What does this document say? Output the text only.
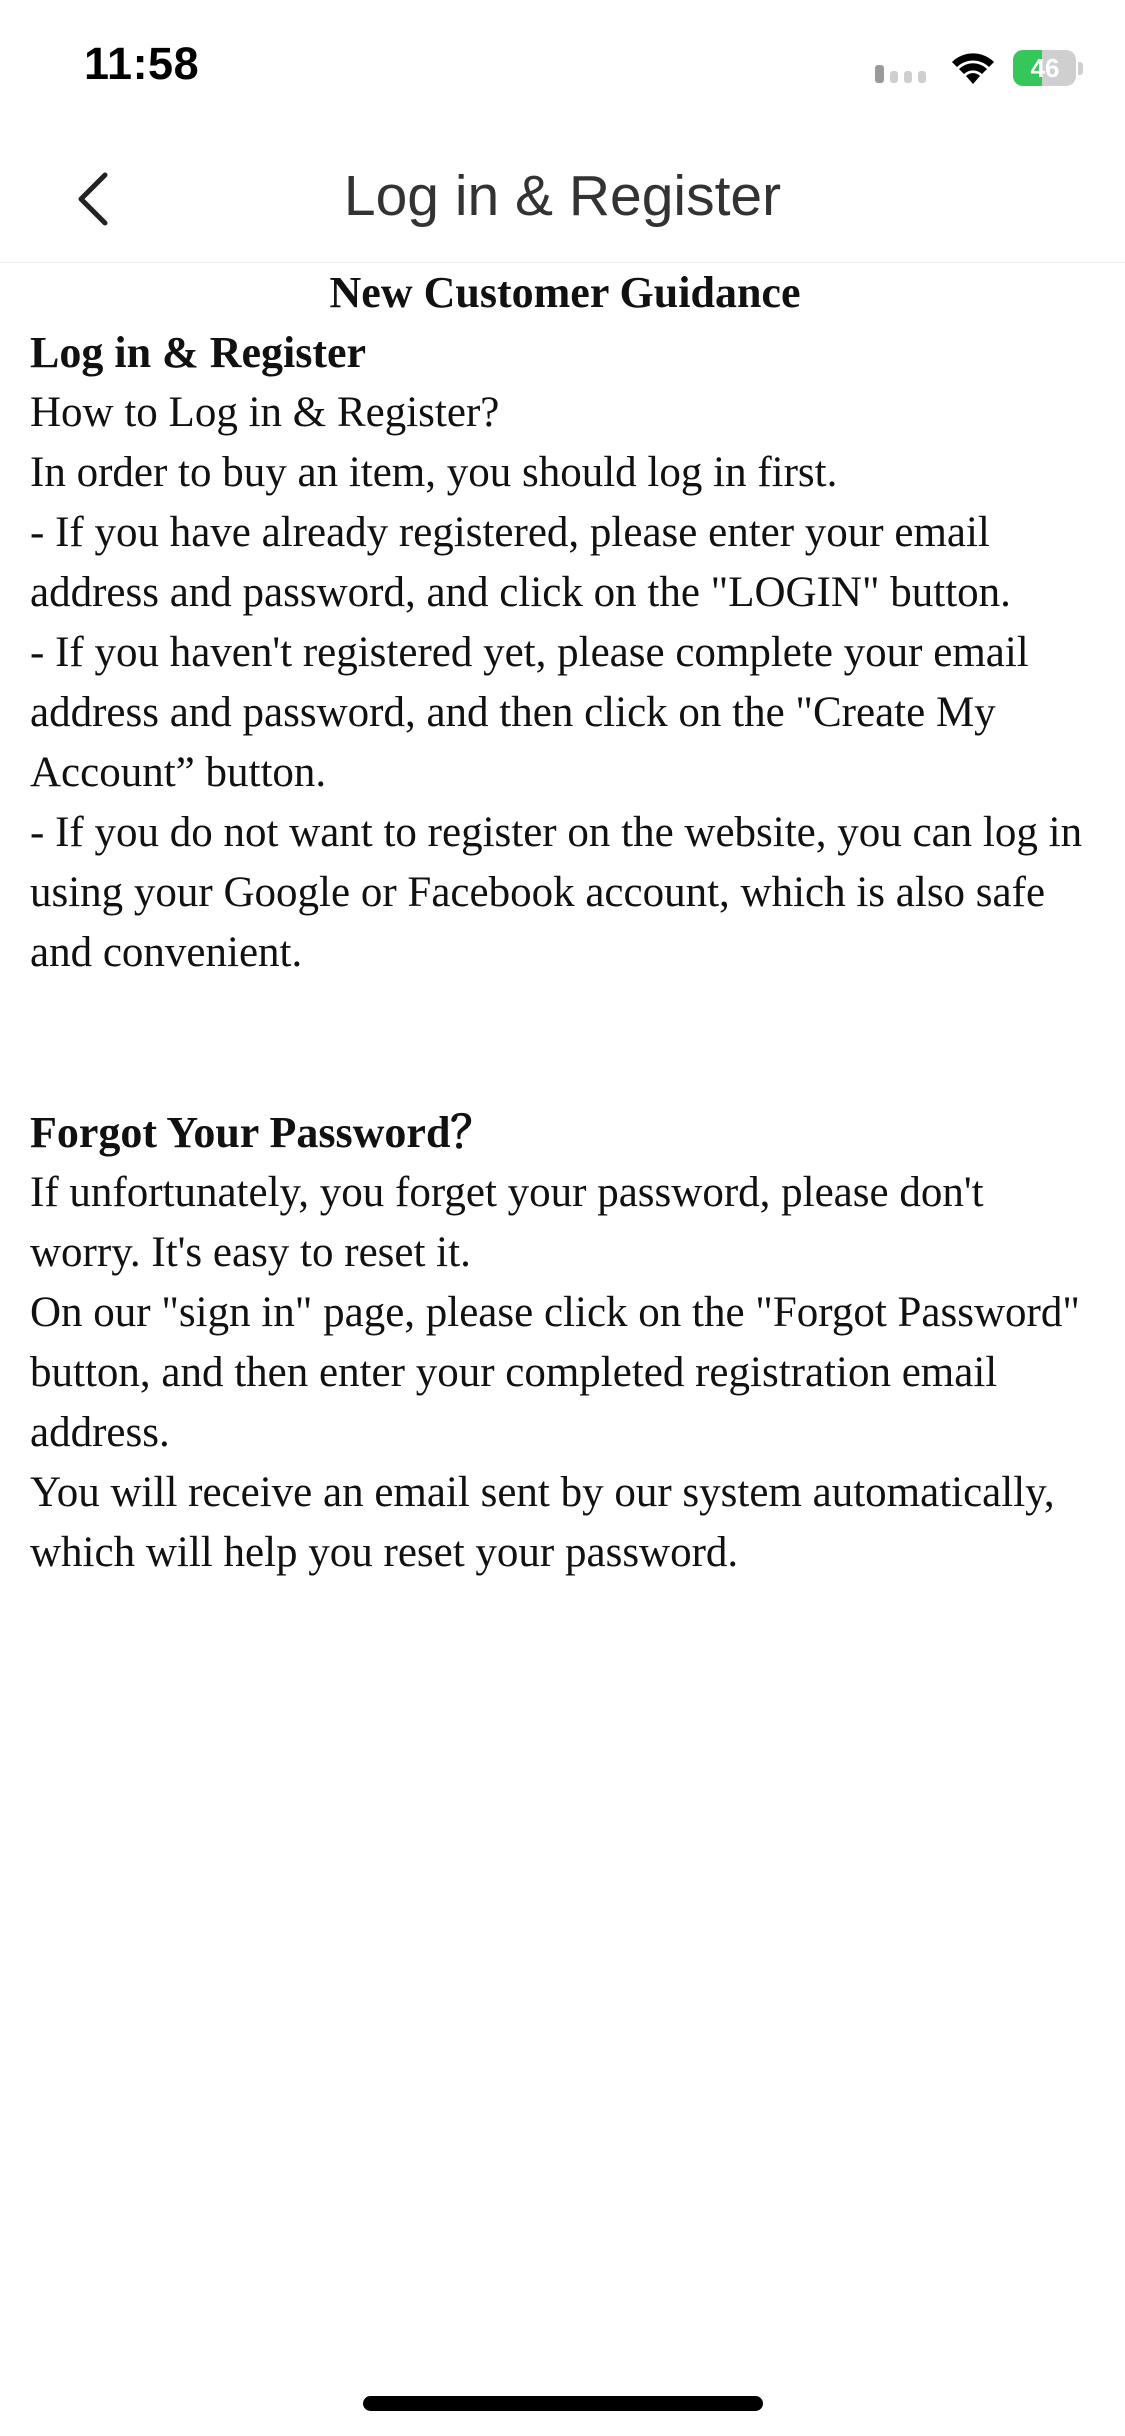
11:58	46
Log in & Register

New Customer Guidance

Log in & Register

How to Log in & Register?

In order to buy an item, you should log in first.

- If you have already registered, please enter your email address and password, and click on the "LOGIN" button.

- If you haven't registered yet, please complete your email address and password, and then click on the "Create My Account” button.

- If you do not want to register on the website, you can log in using your Google or Facebook account, which is also safe and convenient.

Forgot Your Password？

If unfortunately, you forget your password, please don't worry. It's easy to reset it.

On our "sign in" page, please click on the "Forgot Password" button, and then enter your completed registration email address.

You will receive an email sent by our system automatically, which will help you reset your password.
